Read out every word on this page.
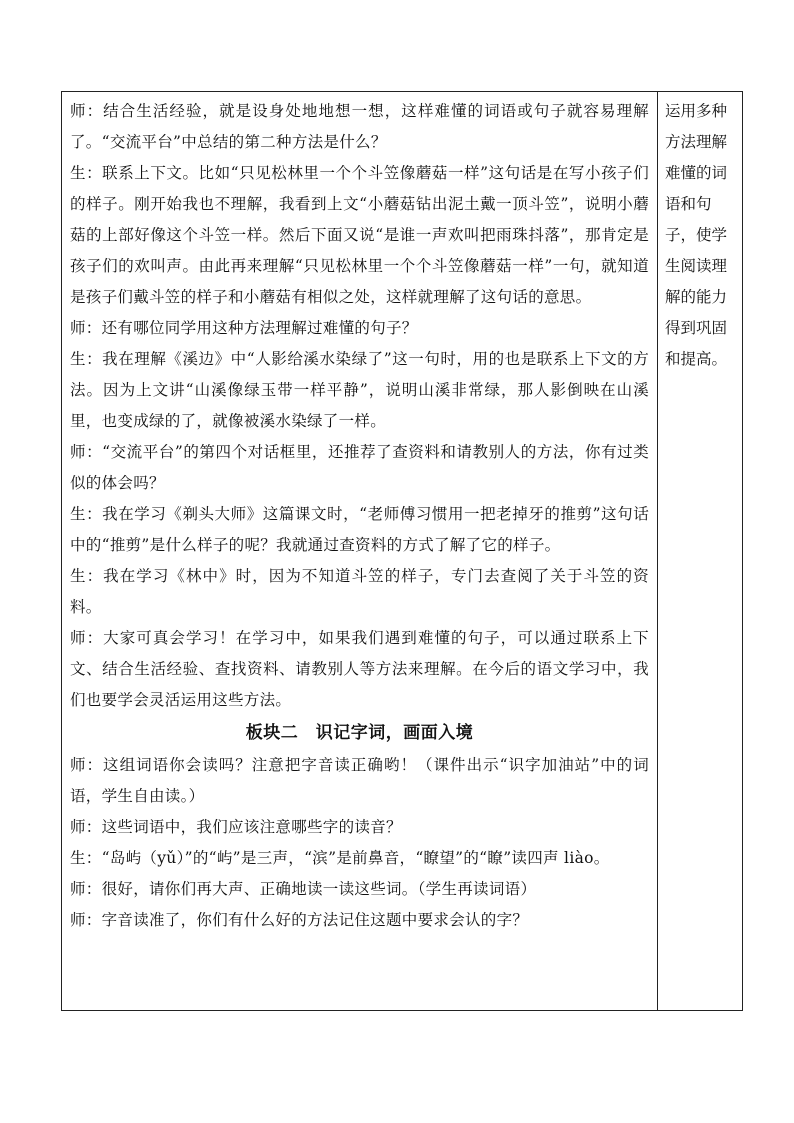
师：结合生活经验，就是设身处地地想一想，这样难懂的词语或句子就容易理解了。“交流平台”中总结的第二种方法是什么？

生：联系上下文。比如“只见松林里一个个斗笠像蘑菇一样”这句话是在写小孩子们的样子。刚开始我也不理解，我看到上文“小蘑菇钻出泥土戴一顶斗笠”，说明小蘑菇的上部好像这个斗笠一样。然后下面又说“是谁一声欢叫把雨珠抖落”，那肯定是孩子们的欢叫声。由此再来理解“只见松林里一个个斗笠像蘑菇一样”一句，就知道是孩子们戴斗笠的样子和小蘑菇有相似之处，这样就理解了这句话的意思。

师：还有哪位同学用这种方法理解过难懂的句子？

生：我在理解《溪边》中“人影给溪水染绿了”这一句时，用的也是联系上下文的方法。因为上文讲“山溪像绿玉带一样平静”，说明山溪非常绿，那人影倒映在山溪里，也变成绿的了，就像被溪水染绿了一样。

师：“交流平台”的第四个对话框里，还推荐了查资料和请教别人的方法，你有过类似的体会吗？

生：我在学习《剃头大师》这篇课文时，“老师傅习惯用一把老掉牙的推剪”这句话中的“推剪”是什么样子的呢？我就通过查资料的方式了解了它的样子。

生：我在学习《林中》时，因为不知道斗笠的样子，专门去查阅了关于斗笠的资料。

师：大家可真会学习！在学习中，如果我们遇到难懂的句子，可以通过联系上下文、结合生活经验、查找资料、请教别人等方法来理解。在今后的语文学习中，我们也要学会灵活运用这些方法。

板块二　识记字词，画面入境

师：这组词语你会读吗？注意把字音读正确哟！（课件出示“识字加油站”中的词语，学生自由读。）

师：这些词语中，我们应该注意哪些字的读音？

生：“岛屿（yǔ）”的“屿”是三声，“滨”是前鼻音，“瞭望”的“瞭”读四声 liào。

师：很好，请你们再大声、正确地读一读这些词。（学生再读词语）

师：字音读准了，你们有什么好的方法记住这题中要求会认的字？

运用多种方法理解难懂的词语和句子，使学生阅读理解的能力得到巩固和提高。
